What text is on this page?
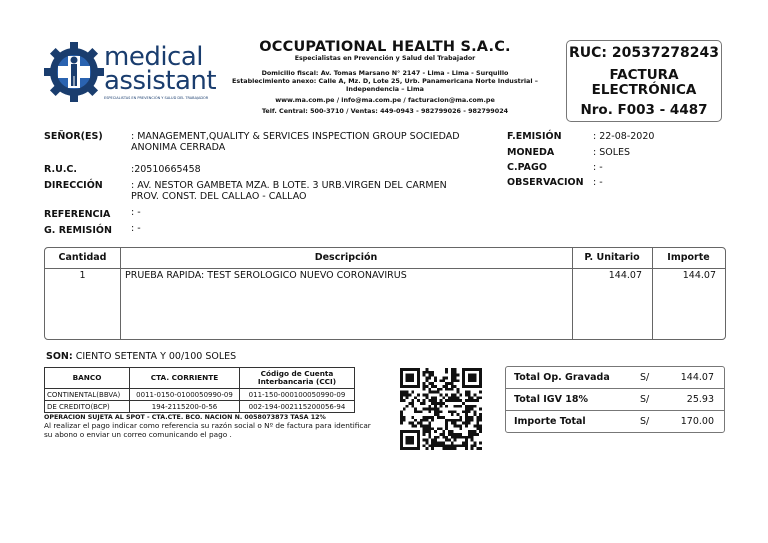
medical
assistant
ESPECIALISTAS EN PREVENCIÓN Y SALUD DEL TRABAJADOR
OCCUPATIONAL HEALTH S.A.C.
Especialistas en Prevención y Salud del Trabajador
Domicilio fiscal: Av. Tomas Marsano N° 2147 - Lima - Lima - Surquillo
Establecimiento anexo: Calle A, Mz. D, Lote 25, Urb. Panamericana Norte Industrial – Independencia – Lima
www.ma.com.pe / info@ma.com.pe / facturacion@ma.com.pe
Telf. Central: 500-3710 / Ventas: 449-0943 - 982799026 - 982799024
RUC: 20537278243
FACTURA
ELECTRÓNICA
Nro. F003 - 4487
SEÑOR(ES)	: MANAGEMENT,QUALITY & SERVICES INSPECTION GROUP SOCIEDAD ANONIMA CERRADA
R.U.C.	:20510665458
DIRECCIÓN	: AV. NESTOR GAMBETA MZA. B LOTE. 3 URB.VIRGEN DEL CARMEN PROV. CONST. DEL CALLAO - CALLAO
REFERENCIA : -
G. REMISIÓN : -
F.EMISIÓN	: 22-08-2020
MONEDA	: SOLES
C.PAGO	: -
OBSERVACION : -
Cantidad	Descripción	P. Unitario	Importe
1	PRUEBA RAPIDA: TEST SEROLOGICO NUEVO CORONAVIRUS	144.07	144.07
SON: CIENTO SETENTA Y 00/100 SOLES
BANCO	CTA. CORRIENTE	Código de Cuenta Interbancaria (CCI)
CONTINENTAL(BBVA)	0011-0150-0100050990-09	011-150-000100050990-09
DE CREDITO(BCP)	194-2115200-0-56	002-194-002115200056-94
OPERACION SUJETA AL SPOT - CTA.CTE. BCO. NACION N. 0058073873 TASA 12%
Al realizar el pago indicar como referencia su razón social o Nº de factura para identificar su abono o enviar un correo comunicando el pago .
Total Op. Gravada	S/	144.07
Total IGV 18%	S/	25.93
Importe Total	S/	170.00
